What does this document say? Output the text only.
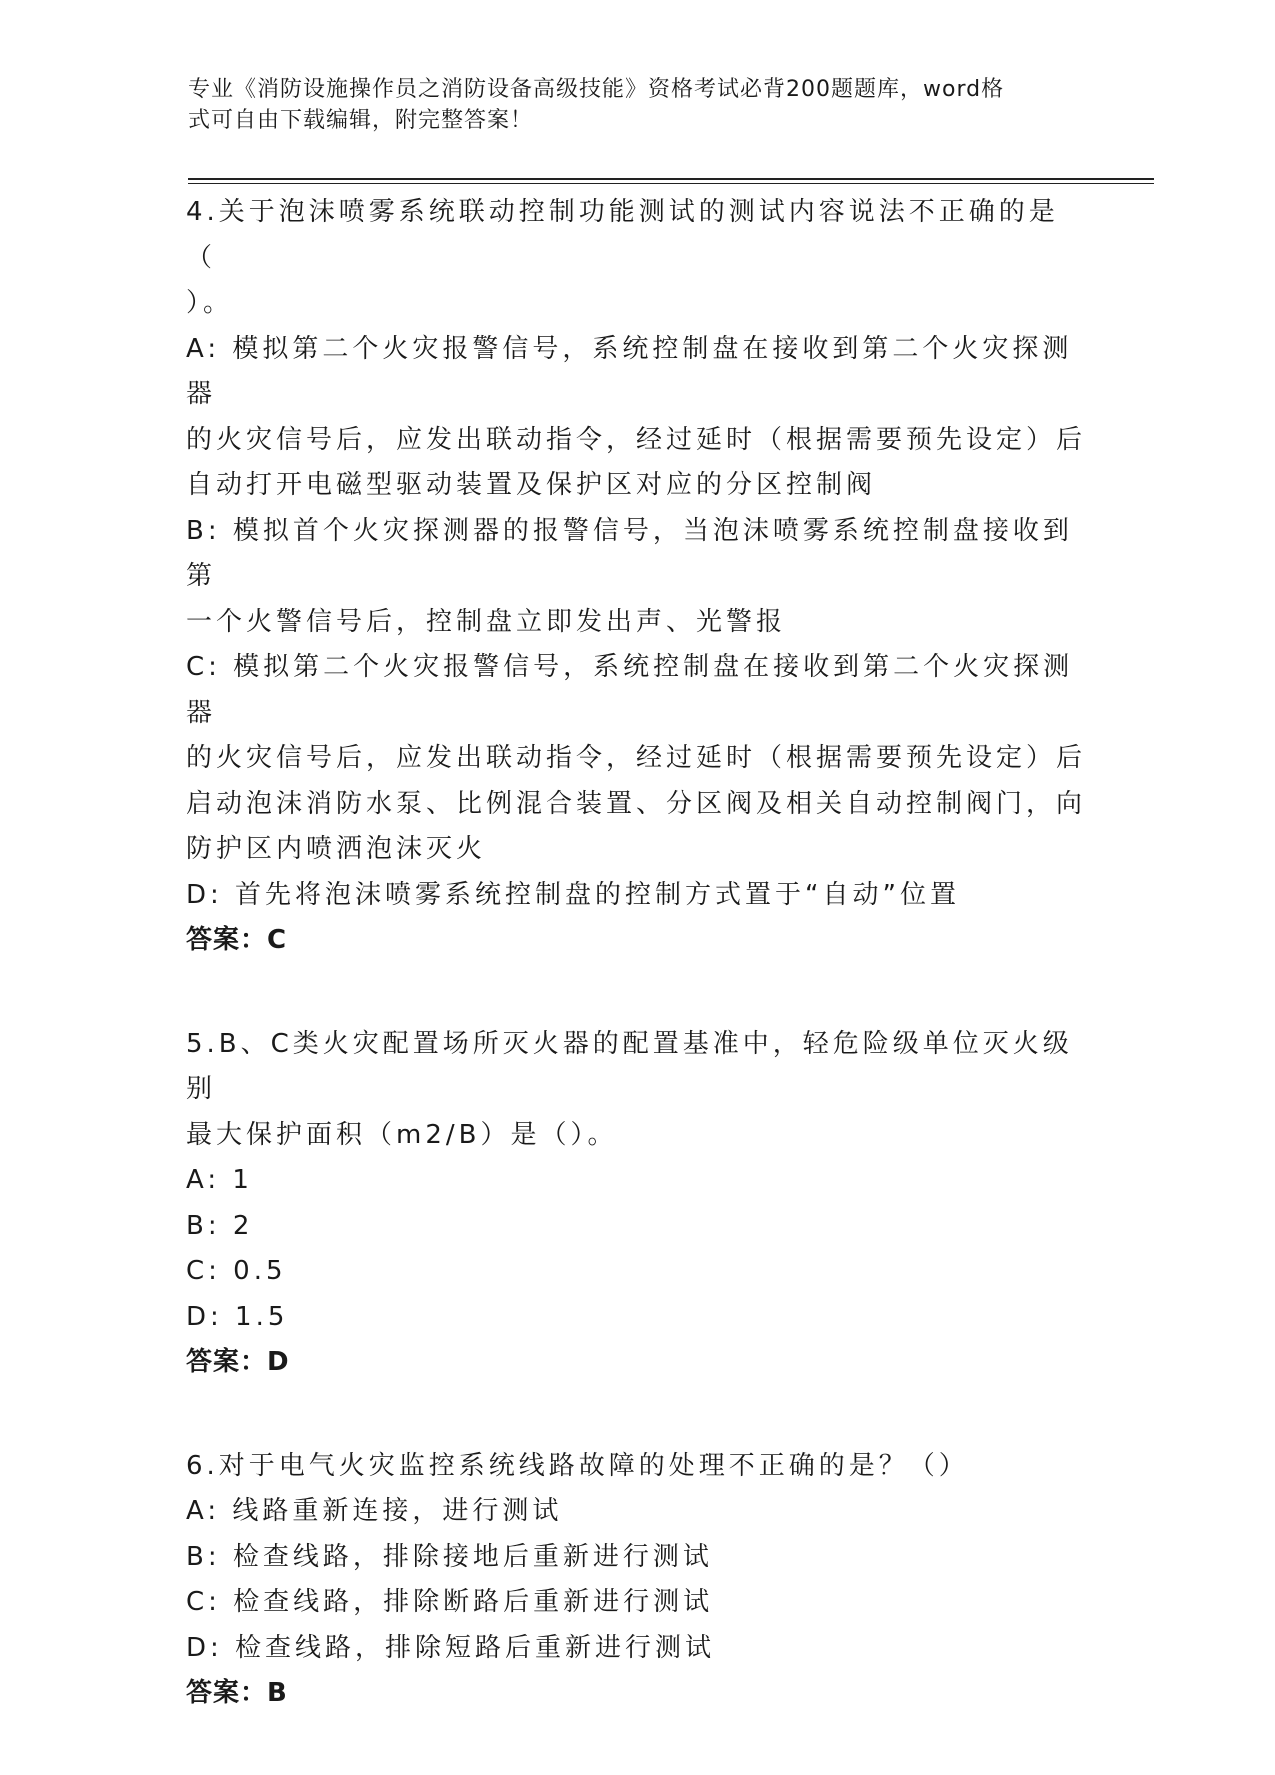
专业《消防设施操作员之消防设备高级技能》资格考试必背200题题库，word格
式可自由下载编辑，附完整答案！
4.关于泡沫喷雾系统联动控制功能测试的测试内容说法不正确的是（
）。
A: 模拟第二个火灾报警信号，系统控制盘在接收到第二个火灾探测器
的火灾信号后，应发出联动指令，经过延时（根据需要预先设定）后
自动打开电磁型驱动装置及保护区对应的分区控制阀
B: 模拟首个火灾探测器的报警信号，当泡沫喷雾系统控制盘接收到第
一个火警信号后，控制盘立即发出声、光警报
C: 模拟第二个火灾报警信号，系统控制盘在接收到第二个火灾探测器
的火灾信号后，应发出联动指令，经过延时（根据需要预先设定）后
启动泡沫消防水泵、比例混合装置、分区阀及相关自动控制阀门，向
防护区内喷洒泡沫灭火
D: 首先将泡沫喷雾系统控制盘的控制方式置于“自动”位置
答案：C
5.B、C类火灾配置场所灭火器的配置基准中，轻危险级单位灭火级别
最大保护面积（m2/B）是（）。
A: 1
B: 2
C: 0.5
D: 1.5
答案：D
6.对于电气火灾监控系统线路故障的处理不正确的是？（）
A: 线路重新连接，进行测试
B: 检查线路，排除接地后重新进行测试
C: 检查线路，排除断路后重新进行测试
D: 检查线路，排除短路后重新进行测试
答案：B
